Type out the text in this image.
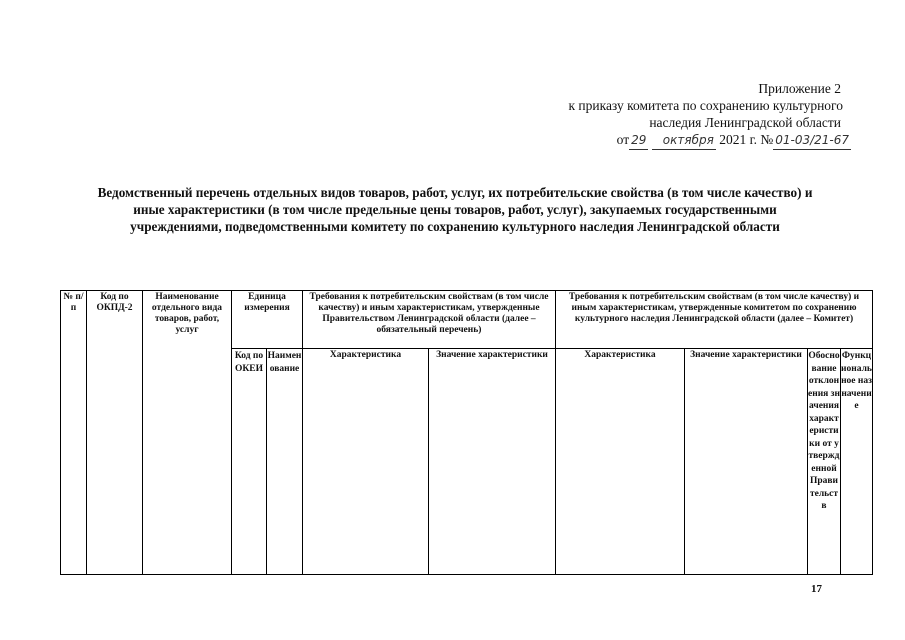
Приложение 2
к приказу комитета по сохранению культурного
наследия Ленинградской области
от 29 октября 2021 г. № 01-03/21-67
Ведомственный перечень отдельных видов товаров, работ, услуг, их потребительские свойства (в том числе качество) и иные характеристики (в том числе предельные цены товаров, работ, услуг), закупаемых государственными учреждениями, подведомственными комитету по сохранению культурного наследия Ленинградской области
№ п/п	Код по ОКПД-2	Наименование отдельного вида товаров, работ, услуг	Единица измерения		Требования к потребительским свойствам (в том числе качеству) и иным характеристикам, утвержденные Правительством Ленинградской области (далее – обязательный перечень)		Требования к потребительским свойствам (в том числе качеству) и иным характеристикам, утвержденные комитетом по сохранению культурного наследия Ленинградской области (далее – Комитет)			
			Код по ОКЕИ	Наименование	Характеристика	Значение характеристики	Характеристика	Значение характеристики	Обоснование отклонения значения характеристики от утвержденной Правительств	Функциональное назначение
17
